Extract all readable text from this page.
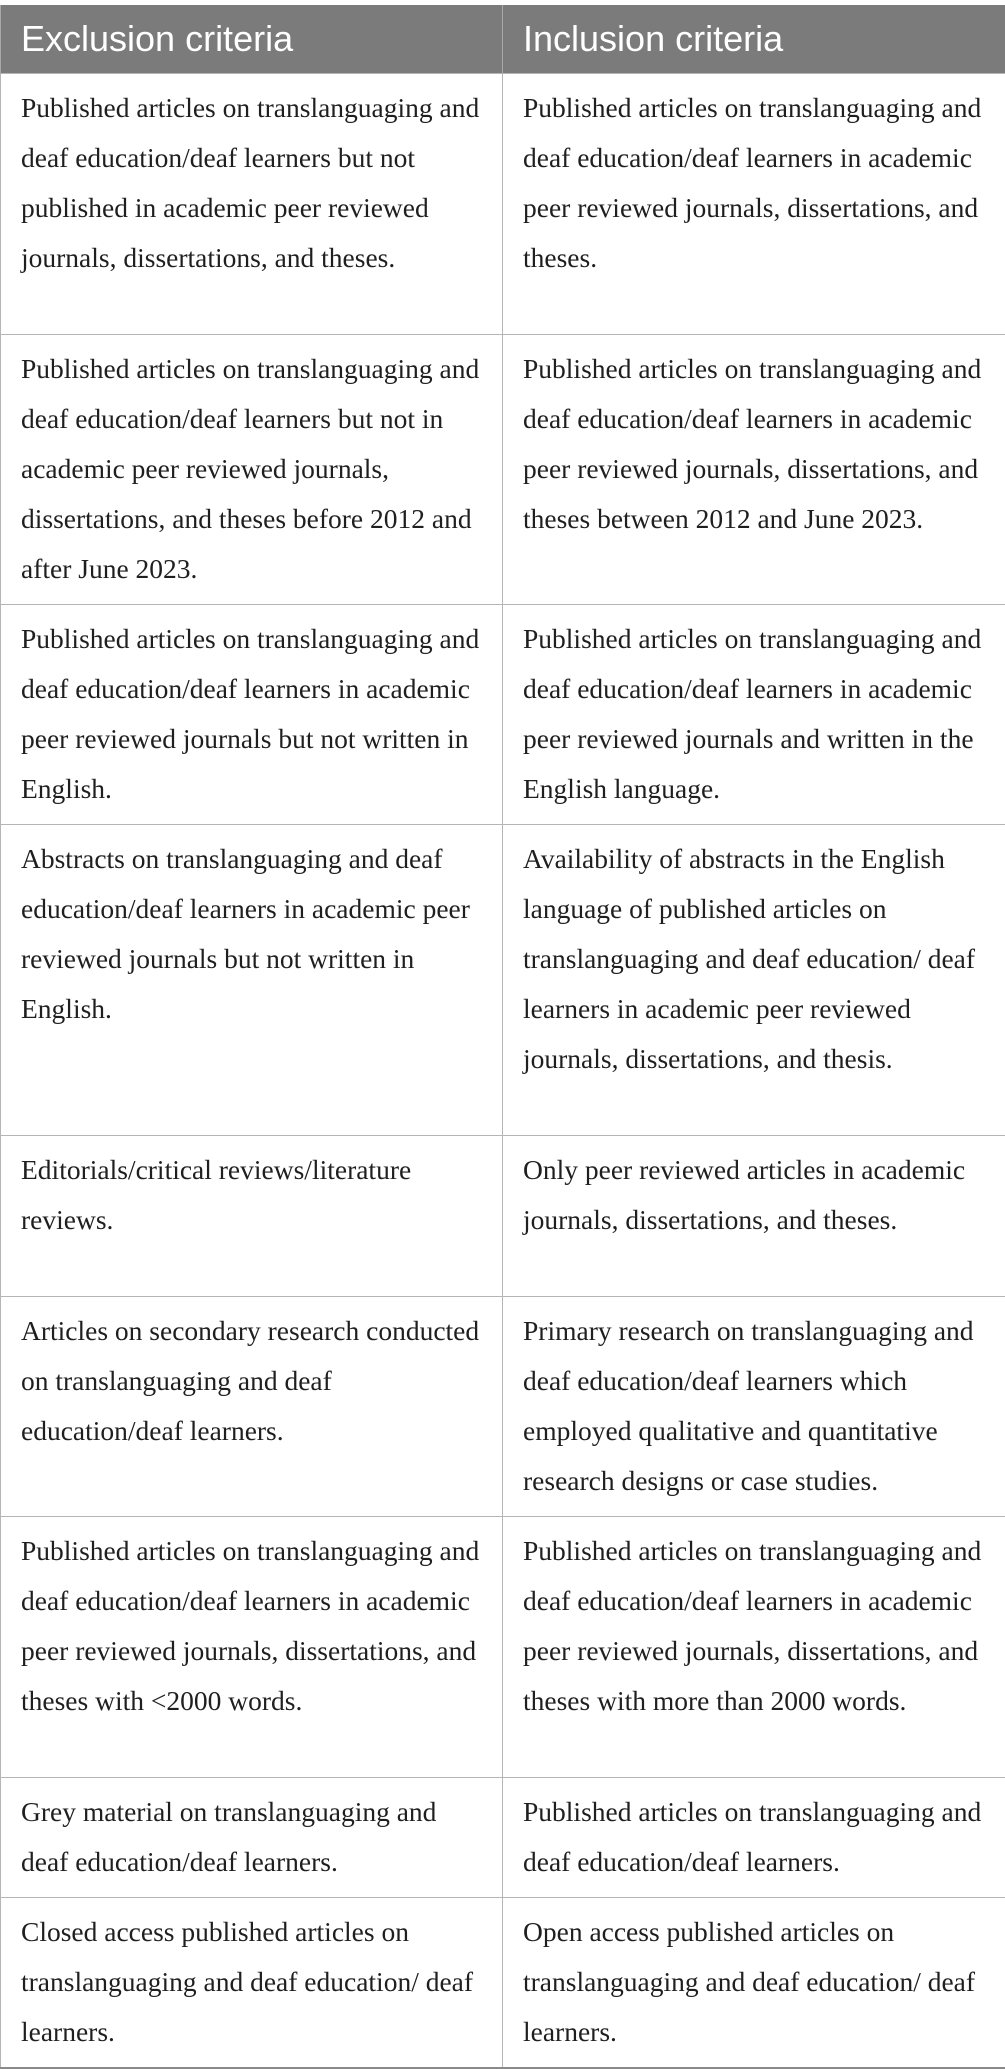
Exclusion criteria	Inclusion criteria
Published articles on translanguaging and deaf education/deaf learners but not published in academic peer reviewed journals, dissertations, and theses.	Published articles on translanguaging and deaf education/deaf learners in academic peer reviewed journals, dissertations, and theses.
Published articles on translanguaging and deaf education/deaf learners but not in academic peer reviewed journals, dissertations, and theses before 2012 and after June 2023.	Published articles on translanguaging and deaf education/deaf learners in academic peer reviewed journals, dissertations, and theses between 2012 and June 2023.
Published articles on translanguaging and deaf education/deaf learners in academic peer reviewed journals but not written in English.	Published articles on translanguaging and deaf education/deaf learners in academic peer reviewed journals and written in the English language.
Abstracts on translanguaging and deaf education/deaf learners in academic peer reviewed journals but not written in English.	Availability of abstracts in the English language of published articles on translanguaging and deaf education/ deaf learners in academic peer reviewed journals, dissertations, and thesis.
Editorials/critical reviews/literature reviews.	Only peer reviewed articles in academic journals, dissertations, and theses.
Articles on secondary research conducted on translanguaging and deaf education/deaf learners.	Primary research on translanguaging and deaf education/deaf learners which employed qualitative and quantitative research designs or case studies.
Published articles on translanguaging and deaf education/deaf learners in academic peer reviewed journals, dissertations, and theses with <2000 words.	Published articles on translanguaging and deaf education/deaf learners in academic peer reviewed journals, dissertations, and theses with more than 2000 words.
Grey material on translanguaging and deaf education/deaf learners.	Published articles on translanguaging and deaf education/deaf learners.
Closed access published articles on translanguaging and deaf education/ deaf learners.	Open access published articles on translanguaging and deaf education/ deaf learners.
